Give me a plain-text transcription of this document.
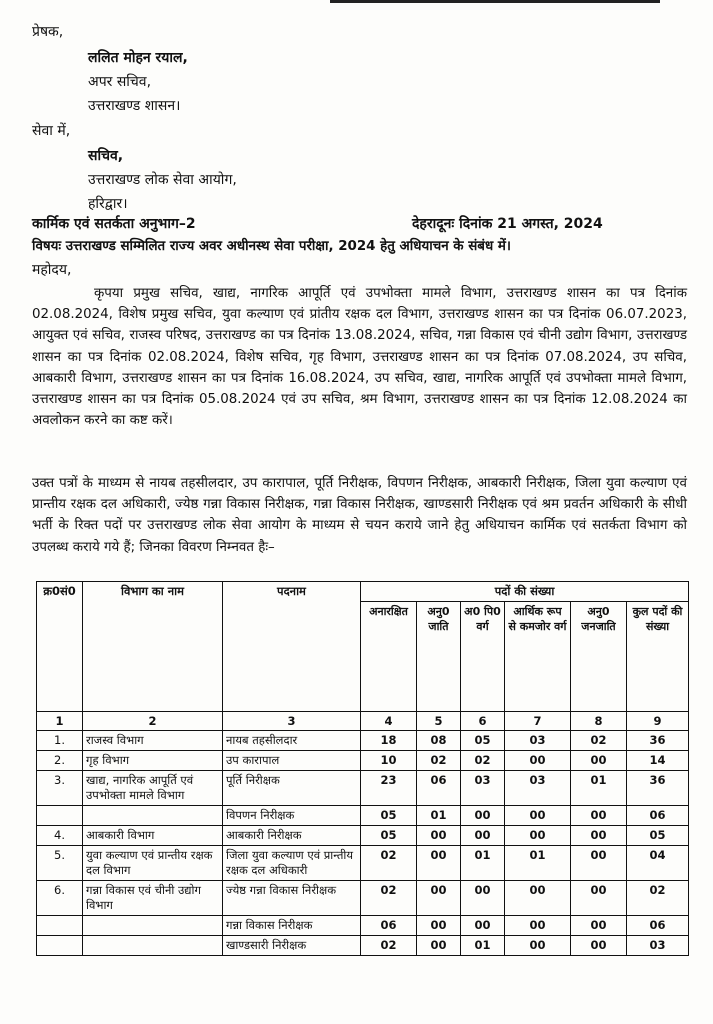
प्रेषक,
ललित मोहन रयाल,
अपर सचिव,
उत्तराखण्ड शासन।
सेवा में,
सचिव,
उत्तराखण्ड लोक सेवा आयोग,
हरिद्वार।
कार्मिक एवं सतर्कता अनुभाग–2	देहरादूनः दिनांक 21 अगस्त, 2024
विषयः उत्तराखण्ड सम्मिलित राज्य अवर अधीनस्थ सेवा परीक्षा, 2024 हेतु अधियाचन के संबंध में।
महोदय,
कृपया प्रमुख सचिव, खाद्य, नागरिक आपूर्ति एवं उपभोक्ता मामले विभाग, उत्तराखण्ड शासन का पत्र दिनांक 02.08.2024, विशेष प्रमुख सचिव, युवा कल्याण एवं प्रांतीय रक्षक दल विभाग, उत्तराखण्ड शासन का पत्र दिनांक 06.07.2023, आयुक्त एवं सचिव, राजस्व परिषद, उत्तराखण्ड का पत्र दिनांक 13.08.2024, सचिव, गन्ना विकास एवं चीनी उद्योग विभाग, उत्तराखण्ड शासन का पत्र दिनांक 02.08.2024, विशेष सचिव, गृह विभाग, उत्तराखण्ड शासन का पत्र दिनांक 07.08.2024, उप सचिव, आबकारी विभाग, उत्तराखण्ड शासन का पत्र दिनांक 16.08.2024, उप सचिव, खाद्य, नागरिक आपूर्ति एवं उपभोक्ता मामले विभाग, उत्तराखण्ड शासन का पत्र दिनांक 05.08.2024 एवं उप सचिव, श्रम विभाग, उत्तराखण्ड शासन का पत्र दिनांक 12.08.2024 का अवलोकन करने का कष्ट करें।
उक्त पत्रों के माध्यम से नायब तहसीलदार, उप कारापाल, पूर्ति निरीक्षक, विपणन निरीक्षक, आबकारी निरीक्षक, जिला युवा कल्याण एवं प्रान्तीय रक्षक दल अधिकारी, ज्येष्ठ गन्ना विकास निरीक्षक, गन्ना विकास निरीक्षक, खाण्डसारी निरीक्षक एवं श्रम प्रवर्तन अधिकारी के सीधी भर्ती के रिक्त पदों पर उत्तराखण्ड लोक सेवा आयोग के माध्यम से चयन कराये जाने हेतु अधियाचन कार्मिक एवं सतर्कता विभाग को उपलब्ध कराये गये हैं; जिनका विवरण निम्नवत हैः–
क्र0सं0	विभाग का नाम	पदनाम	पदों की संख्या					
			अनारक्षित	अनु0 जाति	अ0 पि0 वर्ग	आर्थिक रूप से कमजोर वर्ग	अनु0 जनजाति	कुल पदों की संख्या
1	2	3	4	5	6	7	8	9
1.	राजस्व विभाग	नायब तहसीलदार	18	08	05	03	02	36
2.	गृह विभाग	उप कारापाल	10	02	02	00	00	14
3.	खाद्य, नागरिक आपूर्ति एवं उपभोक्ता मामले विभाग	पूर्ति निरीक्षक	23	06	03	03	01	36
		विपणन निरीक्षक	05	01	00	00	00	06
4.	आबकारी विभाग	आबकारी निरीक्षक	05	00	00	00	00	05
5.	युवा कल्याण एवं प्रान्तीय रक्षक दल विभाग	जिला युवा कल्याण एवं प्रान्तीय रक्षक दल अधिकारी	02	00	01	01	00	04
6.	गन्ना विकास एवं चीनी उद्योग विभाग	ज्येष्ठ गन्ना विकास निरीक्षक	02	00	00	00	00	02
		गन्ना विकास निरीक्षक	06	00	00	00	00	06
		खाण्डसारी निरीक्षक	02	00	01	00	00	03
